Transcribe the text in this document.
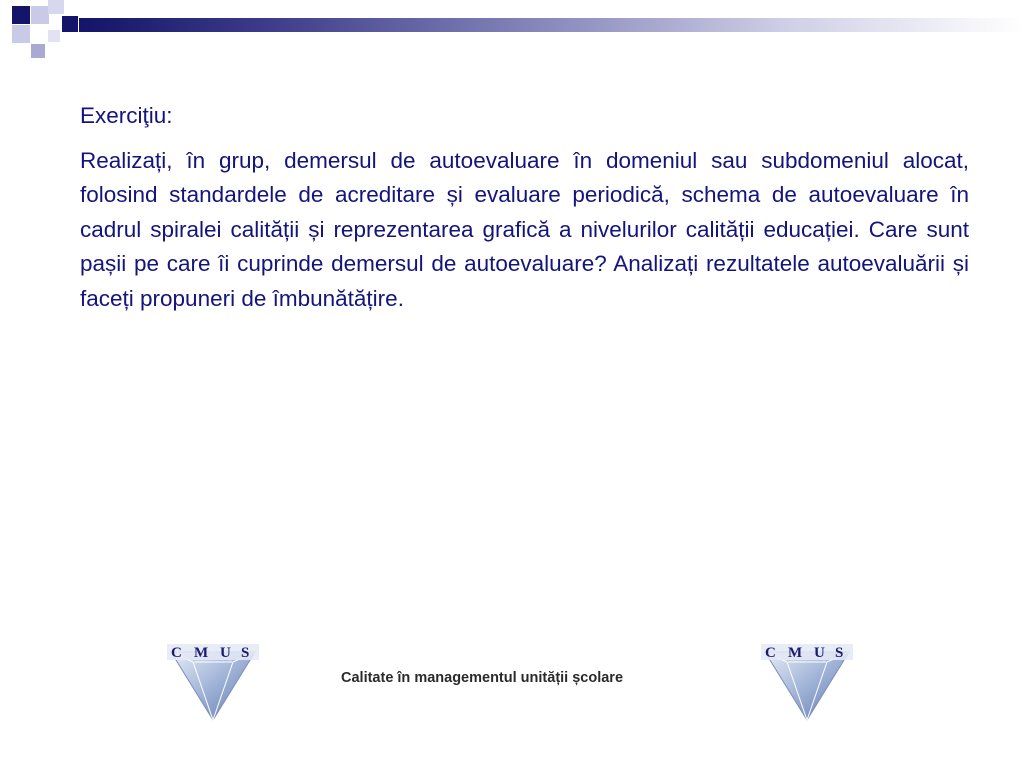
Exerciţiu:

Realizați, în grup, demersul de autoevaluare în domeniul sau subdomeniul alocat, folosind standardele de acreditare și evaluare periodică, schema de autoevaluare în cadrul spiralei calității și reprezentarea grafică a nivelurilor calității educației. Care sunt pașii pe care îi cuprinde demersul de autoevaluare? Analizați rezultatele autoevaluării și faceți propuneri de îmbunătățire.

C M U S
Calitate în managementul unității școlare
C M U S
